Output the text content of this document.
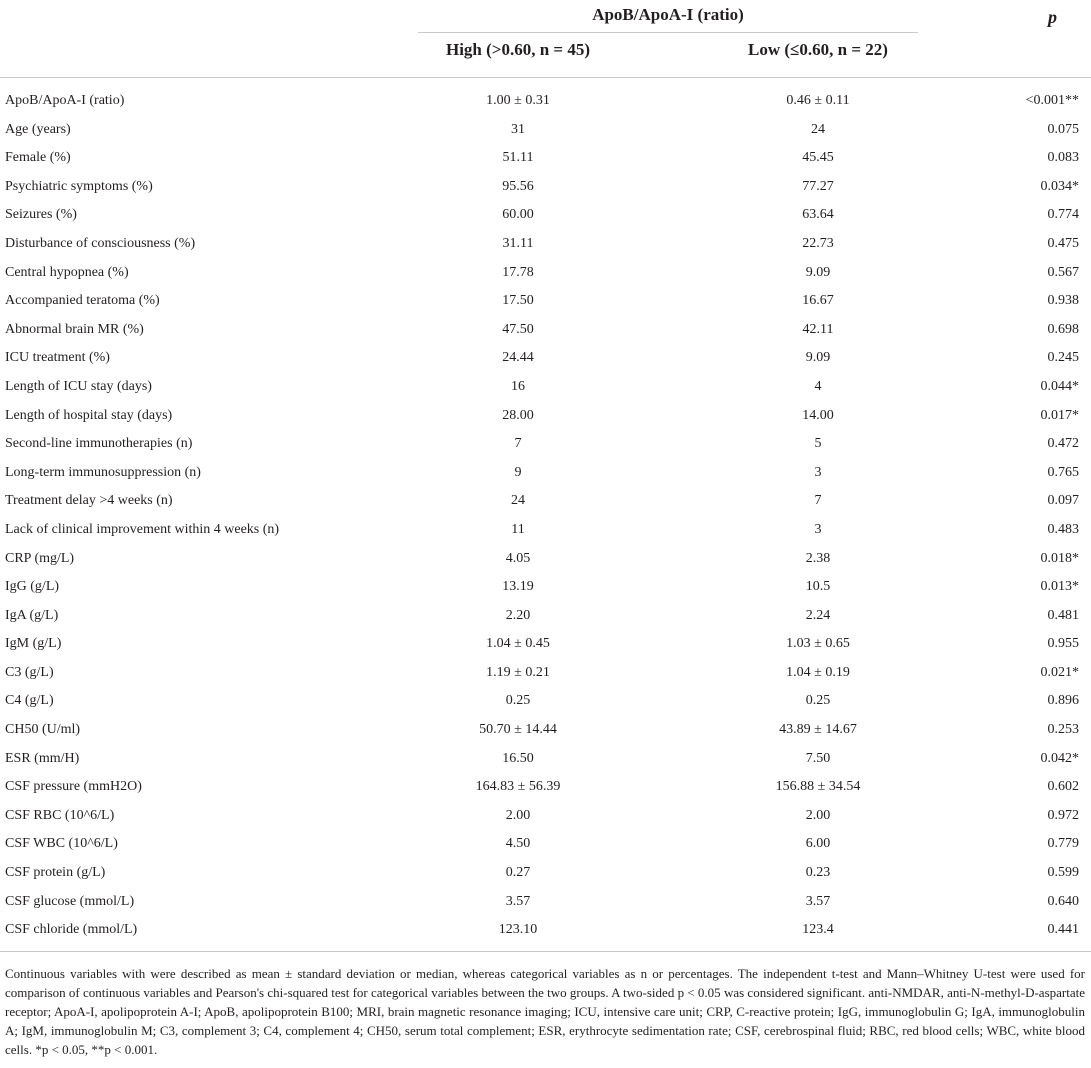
ApoB/ApoA-I (ratio)	p
High (>0.60, n = 45)	Low (≤0.60, n = 22)
ApoB/ApoA-I (ratio)	1.00 ± 0.31	0.46 ± 0.11	<0.001**
Age (years)	31	24	0.075
Female (%)	51.11	45.45	0.083
Psychiatric symptoms (%)	95.56	77.27	0.034*
Seizures (%)	60.00	63.64	0.774
Disturbance of consciousness (%)	31.11	22.73	0.475
Central hypopnea (%)	17.78	9.09	0.567
Accompanied teratoma (%)	17.50	16.67	0.938
Abnormal brain MR (%)	47.50	42.11	0.698
ICU treatment (%)	24.44	9.09	0.245
Length of ICU stay (days)	16	4	0.044*
Length of hospital stay (days)	28.00	14.00	0.017*
Second-line immunotherapies (n)	7	5	0.472
Long-term immunosuppression (n)	9	3	0.765
Treatment delay >4 weeks (n)	24	7	0.097
Lack of clinical improvement within 4 weeks (n)	11	3	0.483
CRP (mg/L)	4.05	2.38	0.018*
IgG (g/L)	13.19	10.5	0.013*
IgA (g/L)	2.20	2.24	0.481
IgM (g/L)	1.04 ± 0.45	1.03 ± 0.65	0.955
C3 (g/L)	1.19 ± 0.21	1.04 ± 0.19	0.021*
C4 (g/L)	0.25	0.25	0.896
CH50 (U/ml)	50.70 ± 14.44	43.89 ± 14.67	0.253
ESR (mm/H)	16.50	7.50	0.042*
CSF pressure (mmH2O)	164.83 ± 56.39	156.88 ± 34.54	0.602
CSF RBC (10^6/L)	2.00	2.00	0.972
CSF WBC (10^6/L)	4.50	6.00	0.779
CSF protein (g/L)	0.27	0.23	0.599
CSF glucose (mmol/L)	3.57	3.57	0.640
CSF chloride (mmol/L)	123.10	123.4	0.441
Continuous variables with were described as mean ± standard deviation or median, whereas categorical variables as n or percentages. The independent t-test and Mann–Whitney U-test were used for comparison of continuous variables and Pearson's chi-squared test for categorical variables between the two groups. A two-sided p < 0.05 was considered significant. anti-NMDAR, anti-N-methyl-D-aspartate receptor; ApoA-I, apolipoprotein A-I; ApoB, apolipoprotein B100; MRI, brain magnetic resonance imaging; ICU, intensive care unit; CRP, C-reactive protein; IgG, immunoglobulin G; IgA, immunoglobulin A; IgM, immunoglobulin M; C3, complement 3; C4, complement 4; CH50, serum total complement; ESR, erythrocyte sedimentation rate; CSF, cerebrospinal fluid; RBC, red blood cells; WBC, white blood cells. *p < 0.05, **p < 0.001.
